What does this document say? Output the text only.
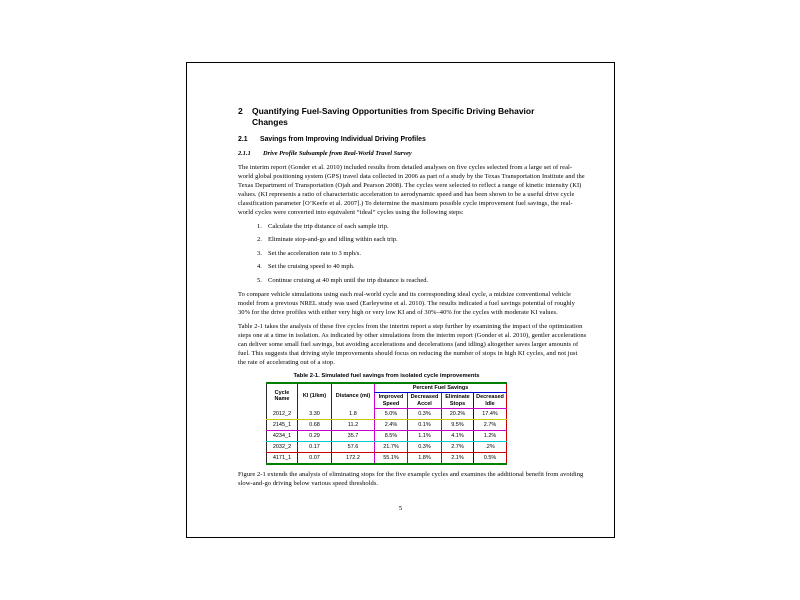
2	Quantifying Fuel-Saving Opportunities from Specific Driving Behavior Changes
2.1	Savings from Improving Individual Driving Profiles
2.1.1	Drive Profile Subsample from Real-World Travel Survey

The interim report (Gonder et al. 2010) included results from detailed analyses on five cycles selected from a large set of real-world global positioning system (GPS) travel data collected in 2006 as part of a study by the Texas Transportation Institute and the Texas Department of Transportation (Ojah and Pearson 2008). The cycles were selected to reflect a range of kinetic intensity (KI) values. (KI represents a ratio of characteristic acceleration to aerodynamic speed and has been shown to be a useful drive cycle classification parameter [O’Keefe et al. 2007].) To determine the maximum possible cycle improvement fuel savings, the real-world cycles were converted into equivalent “ideal” cycles using the following steps:

1. Calculate the trip distance of each sample trip.
2. Eliminate stop-and-go and idling within each trip.
3. Set the acceleration rate to 3 mph/s.
4. Set the cruising speed to 40 mph.
5. Continue cruising at 40 mph until the trip distance is reached.

To compare vehicle simulations using each real-world cycle and its corresponding ideal cycle, a midsize conventional vehicle model from a previous NREL study was used (Earleywine et al. 2010). The results indicated a fuel savings potential of roughly 30% for the drive profiles with either very high or very low KI and of 30%–40% for the cycles with moderate KI values.

Table 2-1 takes the analysis of these five cycles from the interim report a step further by examining the impact of the optimization steps one at a time in isolation. As indicated by other simulations from the interim report (Gonder et al. 2010), gentler accelerations can deliver some small fuel savings, but avoiding accelerations and decelerations (and idling) altogether saves larger amounts of fuel. This suggests that driving style improvements should focus on reducing the number of stops in high KI cycles, and not just the rate of accelerating out of a stop.

Table 2-1. Simulated fuel savings from isolated cycle improvements
Cycle Name	KI (1/km)	Distance (mi)	Percent Fuel Savings			
			Improved Speed	Decreased Accel	Eliminate Stops	Decreased Idle
2012_2	3.30	1.8	5.0%	0.3%	20.2%	17.4%
2145_1	0.68	11.2	2.4%	0.1%	9.5%	2.7%
4234_1	0.29	35.7	8.5%	1.1%	4.1%	1.2%
2032_2	0.17	57.6	21.7%	0.3%	2.7%	.2%
4171_1	0.07	172.2	55.1%	1.8%	2.1%	0.5%

Figure 2-1 extends the analysis of eliminating stops for the five example cycles and examines the additional benefit from avoiding slow-and-go driving below various speed thresholds.

5
